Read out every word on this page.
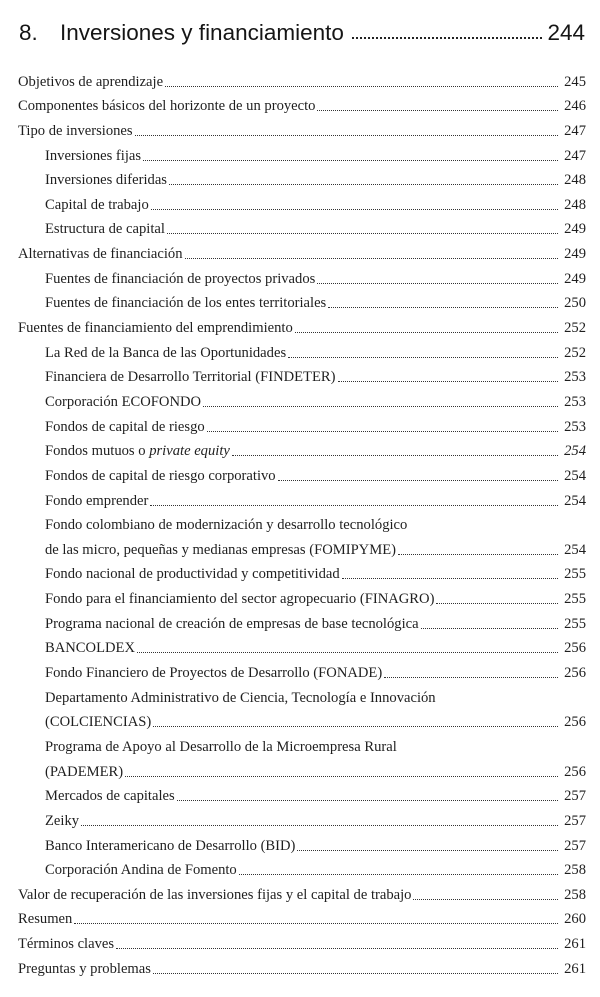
8. Inversiones y financiamiento	244
Objetivos de aprendizaje	245
Componentes básicos del horizonte de un proyecto	246
Tipo de inversiones	247
Inversiones fijas	247
Inversiones diferidas	248
Capital de trabajo	248
Estructura de capital	249
Alternativas de financiación	249
Fuentes de financiación de proyectos privados	249
Fuentes de financiación de los entes territoriales	250
Fuentes de financiamiento del emprendimiento	252
La Red de la Banca de las Oportunidades	252
Financiera de Desarrollo Territorial (FINDETER)	253
Corporación ECOFONDO	253
Fondos de capital de riesgo	253
Fondos mutuos o private equity	254
Fondos de capital de riesgo corporativo	254
Fondo emprender	254
Fondo colombiano de modernización y desarrollo tecnológico
de las micro, pequeñas y medianas empresas (FOMIPYME)	254
Fondo nacional de productividad y competitividad	255
Fondo para el financiamiento del sector agropecuario (FINAGRO)	255
Programa nacional de creación de empresas de base tecnológica	255
BANCOLDEX	256
Fondo Financiero de Proyectos de Desarrollo (FONADE)	256
Departamento Administrativo de Ciencia, Tecnología e Innovación
(COLCIENCIAS)	256
Programa de Apoyo al Desarrollo de la Microempresa Rural
(PADEMER)	256
Mercados de capitales	257
Zeiky	257
Banco Interamericano de Desarrollo (BID)	257
Corporación Andina de Fomento	258
Valor de recuperación de las inversiones fijas y el capital de trabajo	258
Resumen	260
Términos claves	261
Preguntas y problemas	261
